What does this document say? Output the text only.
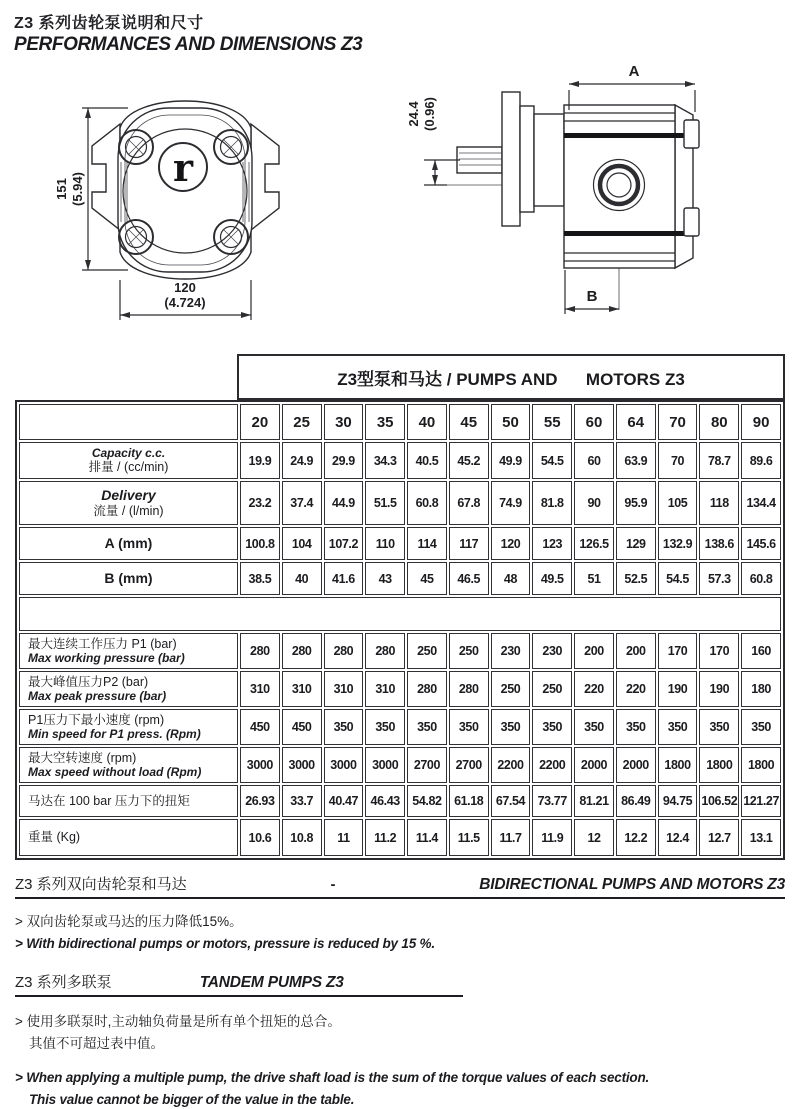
Z3 系列齿轮泵说明和尺寸
PERFORMANCES AND DIMENSIONS Z3
r
151 (5.94)
120
(4.724)
A
24.4 (0.96)
B
Z3型泵和马达 / PUMPS AND      MOTORS Z3
	20	25	30	35	40	45	50	55	60	64	70	80	90

Capacity c.c.
排量 / (cc/min)	19.9	24.9	29.9	34.3	40.5	45.2	49.9	54.5	60	63.9	70	78.7	89.6

Delivery
流量 / (l/min)	23.2	37.4	44.9	51.5	60.8	67.8	74.9	81.8	90	95.9	105	118	134.4

A (mm)	100.8	104	107.2	110	114	117	120	123	126.5	129	132.9	138.6	145.6

B (mm)	38.5	40	41.6	43	45	46.5	48	49.5	51	52.5	54.5	57.3	60.8

最大连续工作压力 P1 (bar)
Max working pressure (bar)	280	280	280	280	250	250	230	230	200	200	170	170	160

最大峰值压力P2 (bar)
Max peak pressure (bar)	310	310	310	310	280	280	250	250	220	220	190	190	180

P1压力下最小速度 (rpm)
Min speed for P1 press. (Rpm)	450	450	350	350	350	350	350	350	350	350	350	350	350

最大空转速度 (rpm)
Max speed without load (Rpm)	3000	3000	3000	3000	2700	2700	2200	2200	2000	2000	1800	1800	1800

马达在 100 bar 压力下的扭矩	26.93	33.7	40.47	46.43	54.82	61.18	67.54	73.77	81.21	86.49	94.75	106.52	121.27

重量 (Kg)	10.6	10.8	11	11.2	11.4	11.5	11.7	11.9	12	12.2	12.4	12.7	13.1
Z3 系列双向齿轮泵和马达	-	BIDIRECTIONAL PUMPS AND MOTORS Z3
> 双向齿轮泵或马达的压力降低15%。
> With bidirectional pumps or motors, pressure is reduced by 15 %.
Z3 系列多联泵	TANDEM PUMPS Z3
> 使用多联泵时,主动轴负荷量是所有单个扭矩的总合。
其值不可超过表中值。
> When applying a multiple pump, the drive shaft load is the sum of the torque values of each section.
This value cannot be bigger of the value in the table.
